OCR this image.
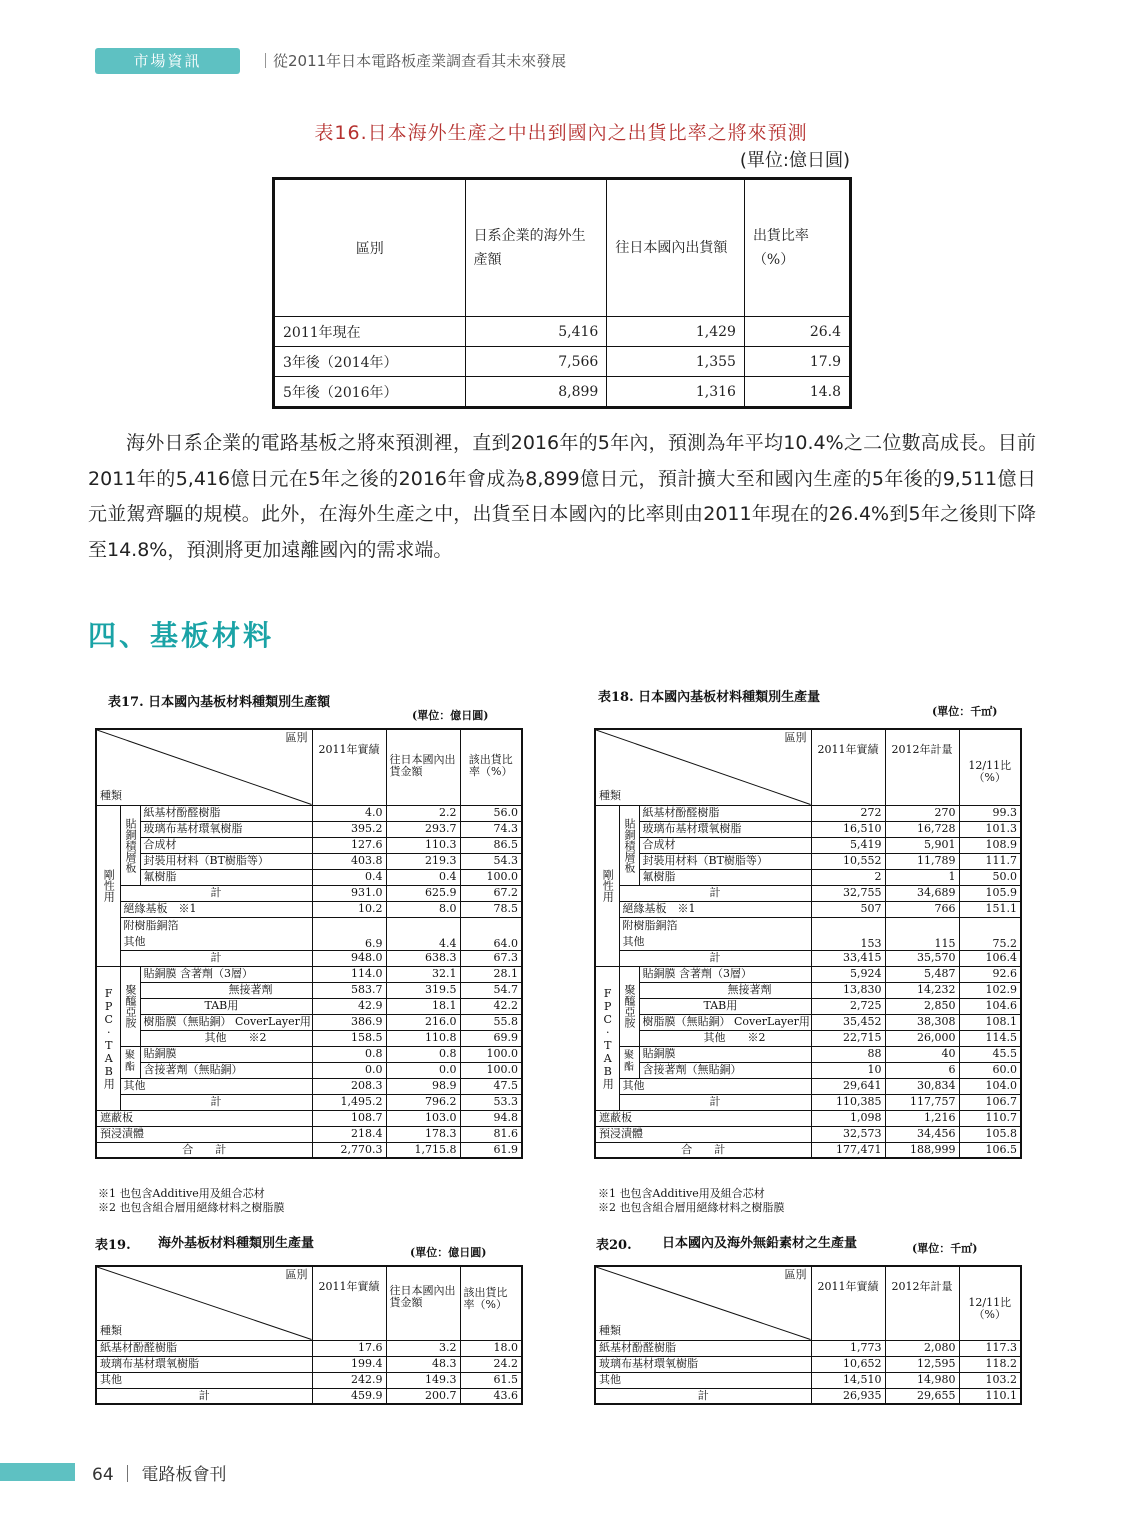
市場資訊	｜從2011年日本電路板產業調查看其未來發展
表16.日本海外生產之中出到國內之出貨比率之將來預測
(單位:億日圓)
區別	日系企業的海外生產額	往日本國內出貨額	出貨比率（%）
2011年現在	5,416	1,429	26.4
3年後（2014年）	7,566	1,355	17.9
5年後（2016年）	8,899	1,316	14.8

海外日系企業的電路基板之將來預測裡，直到2016年的5年內，預測為年平均10.4%之二位數高成長。目前2011年的5,416億日元在5年之後的2016年會成為8,899億日元，預計擴大至和國內生產的5年後的9,511億日元並駕齊驅的規模。此外，在海外生產之中，出貨至日本國內的比率則由2011年現在的26.4%到5年之後則下降至14.8%，預測將更加遠離國內的需求端。

四、基板材料
表17. 日本國內基板材料種類別生產額
(單位：億日圓)
區別
種類			2011年實績	往日本國內出貨金額	該出貨比率（%）
剛性用	貼銅積層板	紙基材酚醛樹脂	4.0	2.2	56.0
		玻璃布基材環氧樹脂	395.2	293.7	74.3
		合成材	127.6	110.3	86.5
		封裝用材料（BT樹脂等）	403.8	219.3	54.3
		氟樹脂	0.4	0.4	100.0
	計		931.0	625.9	67.2
	絕緣基板　※1		10.2	8.0	78.5
	附樹脂銅箔
其他		6.9	4.4	64.0
	計		948.0	638.3	67.3
FPC·TAB用	聚醯亞胺	貼銅膜 含著劑（3層）	114.0	32.1	28.1
		無接著劑	583.7	319.5	54.7
		TAB用	42.9	18.1	42.2
		樹脂膜（無貼銅） CoverLayer用	386.9	216.0	55.8
		其他　　※2	158.5	110.8	69.9
	聚酯	貼銅膜	0.8	0.8	100.0
		含接著劑（無貼銅）	0.0	0.0	100.0
	其他		208.3	98.9	47.5
	計		1,495.2	796.2	53.3
遮蔽板			108.7	103.0	94.8
預浸漬體			218.4	178.3	81.6
合　　計			2,770.3	1,715.8	61.9
表18. 日本國內基板材料種類別生產量
(單位：千㎡)
區別
種類			2011年實績	2012年計量	12/11比（%）
剛性用	貼銅積層板	紙基材酚醛樹脂	272	270	99.3
		玻璃布基材環氧樹脂	16,510	16,728	101.3
		合成材	5,419	5,901	108.9
		封裝用材料（BT樹脂等）	10,552	11,789	111.7
		氟樹脂	2	1	50.0
	計		32,755	34,689	105.9
	絕緣基板　※1		507	766	151.1
	附樹脂銅箔
其他		153	115	75.2
	計		33,415	35,570	106.4
FPC·TAB用	聚醯亞胺	貼銅膜 含著劑（3層）	5,924	5,487	92.6
		無接著劑	13,830	14,232	102.9
		TAB用	2,725	2,850	104.6
		樹脂膜（無貼銅） CoverLayer用	35,452	38,308	108.1
		其他　　※2	22,715	26,000	114.5
	聚酯	貼銅膜	88	40	45.5
		含接著劑（無貼銅）	10	6	60.0
	其他		29,641	30,834	104.0
	計		110,385	117,757	106.7
遮蔽板			1,098	1,216	110.7
預浸漬體			32,573	34,456	105.8
合　　計			177,471	188,999	106.5
※1 也包含Additive用及組合芯材
※2 也包含組合層用絕緣材料之樹脂膜
※1 也包含Additive用及組合芯材
※2 也包含組合層用絕緣材料之樹脂膜
表19. 海外基板材料種類別生產量
(單位：億日圓)
區別
種類	2011年實績	往日本國內出貨金額	該出貨比率（%）
紙基材酚醛樹脂	17.6	3.2	18.0
玻璃布基材環氧樹脂	199.4	48.3	24.2
其他	242.9	149.3	61.5
計	459.9	200.7	43.6
表20. 日本國內及海外無鉛素材之生產量	(單位：千㎡)
區別
種類	2011年實績	2012年計量	12/11比（%）
紙基材酚醛樹脂	1,773	2,080	117.3
玻璃布基材環氧樹脂	10,652	12,595	118.2
其他	14,510	14,980	103.2
計	26,935	29,655	110.1
64 ｜ 電路板會刊
